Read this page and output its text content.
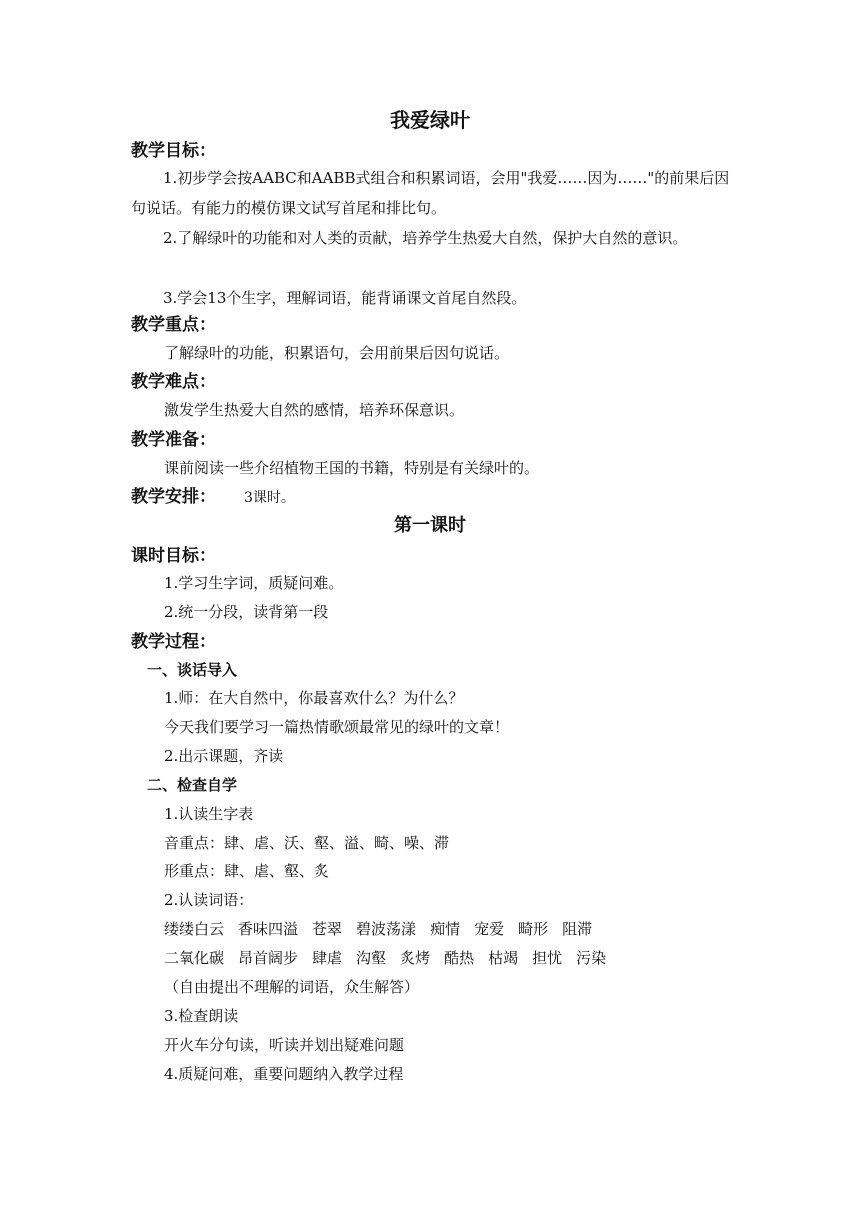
我爱绿叶
教学目标：

1.初步学会按AABC和AABB式组合和积累词语，会用"我爱……因为……"的前果后因句说话。有能力的模仿课文试写首尾和排比句。

2.了解绿叶的功能和对人类的贡献，培养学生热爱大自然，保护大自然的意识。

3.学会13个生字，理解词语，能背诵课文首尾自然段。

教学重点：

了解绿叶的功能，积累语句，会用前果后因句说话。

教学难点：

激发学生热爱大自然的感情，培养环保意识。

教学准备：

课前阅读一些介绍植物王国的书籍，特别是有关绿叶的。

教学安排： 3课时。
第一课时
课时目标：

1.学习生字词，质疑问难。

2.统一分段，读背第一段

教学过程：
一、谈话导入

1.师：在大自然中，你最喜欢什么？为什么？

今天我们要学习一篇热情歌颂最常见的绿叶的文章！

2.出示课题，齐读

二、检查自学

1.认读生字表

音重点：肆、虐、沃、壑、溢、畸、噪、滞

形重点：肆、虐、壑、炙

2.认读词语：

缕缕白云 香味四溢 苍翠 碧波荡漾 痴情 宠爱 畸形 阻滞

二氧化碳 昂首阔步 肆虐 沟壑 炙烤 酷热 枯竭 担忧 污染

（自由提出不理解的词语，众生解答）

3.检查朗读

开火车分句读，听读并划出疑难问题

4.质疑问难，重要问题纳入教学过程
